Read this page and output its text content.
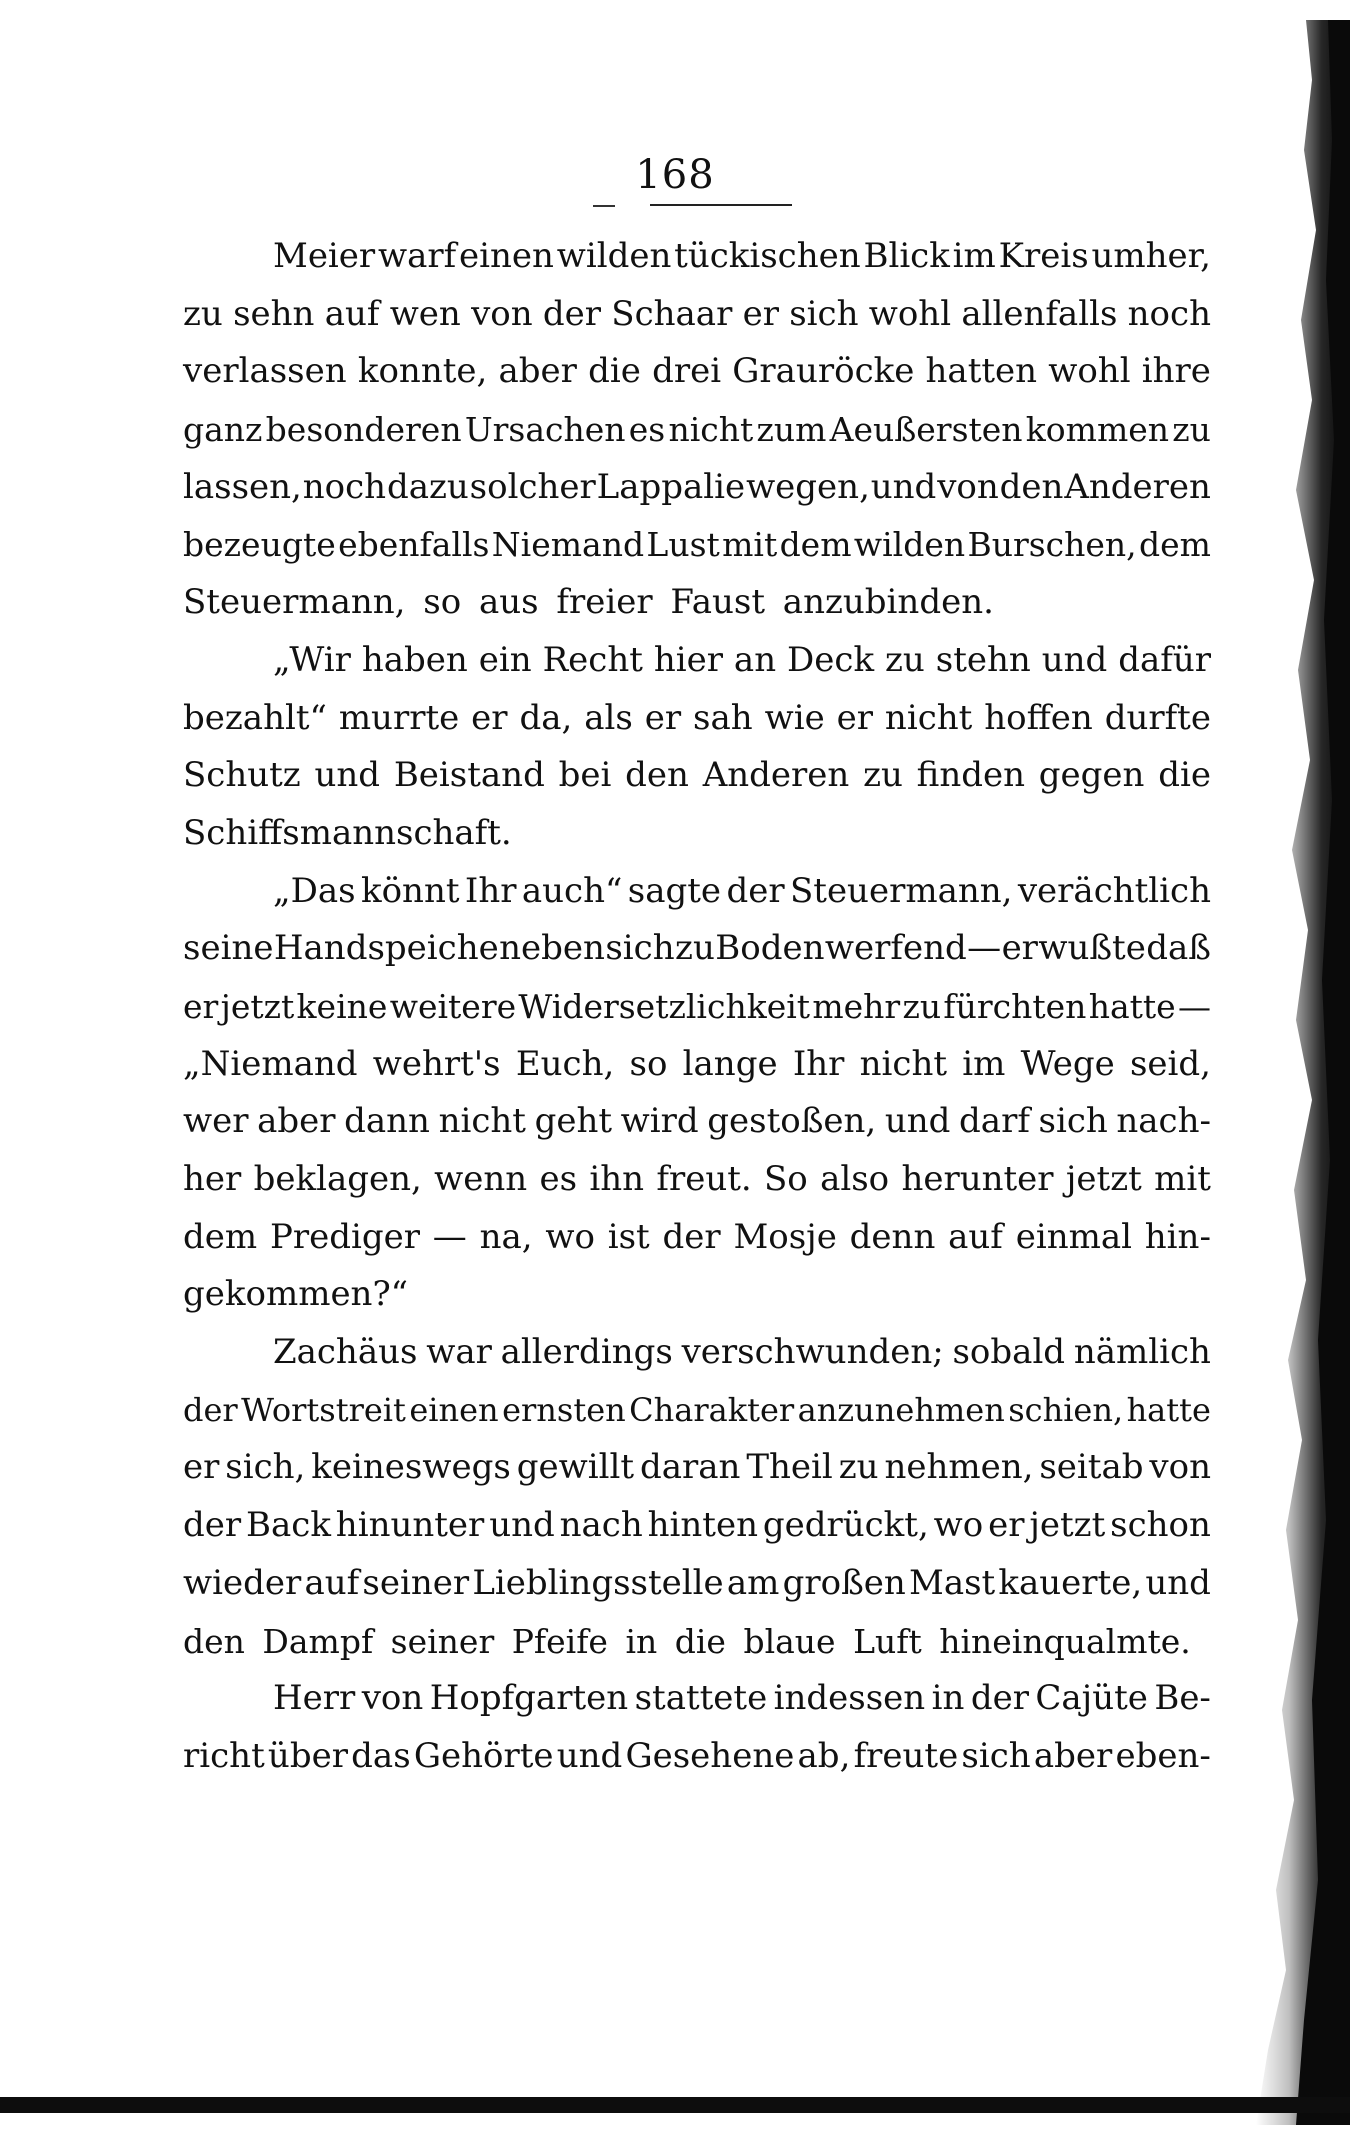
168
Meier warf einen wilden tückischen Blick im Kreis umher,
zu sehn auf wen von der Schaar er sich wohl allenfalls noch
verlassen konnte, aber die drei Grauröcke hatten wohl ihre
ganz besonderen Ursachen es nicht zum Aeußersten kommen zu
lassen, noch dazu solcher Lappalie wegen, und von den Anderen
bezeugte ebenfalls Niemand Lust mit dem wilden Burschen, dem
Steuermann, so aus freier Faust anzubinden.
„Wir haben ein Recht hier an Deck zu stehn und dafür
bezahlt“ murrte er da, als er sah wie er nicht hoffen durfte
Schutz und Beistand bei den Anderen zu finden gegen die
Schiffsmannschaft.
„Das könnt Ihr auch“ sagte der Steuermann, verächtlich
seine Handspeiche neben sich zu Boden werfend — er wußte daß
er jetzt keine weitere Widersetzlichkeit mehr zu fürchten hatte —
„Niemand wehrt's Euch, so lange Ihr nicht im Wege seid,
wer aber dann nicht geht wird gestoßen, und darf sich nach-
her beklagen, wenn es ihn freut. So also herunter jetzt mit
dem Prediger — na, wo ist der Mosje denn auf einmal hin-
gekommen?“
Zachäus war allerdings verschwunden; sobald nämlich
der Wortstreit einen ernsten Charakter anzunehmen schien, hatte
er sich, keineswegs gewillt daran Theil zu nehmen, seitab von
der Back hinunter und nach hinten gedrückt, wo er jetzt schon
wieder auf seiner Lieblingsstelle am großen Mast kauerte, und
den Dampf seiner Pfeife in die blaue Luft hineinqualmte.
Herr von Hopfgarten stattete indessen in der Cajüte Be-
richt über das Gehörte und Gesehene ab, freute sich aber eben-
